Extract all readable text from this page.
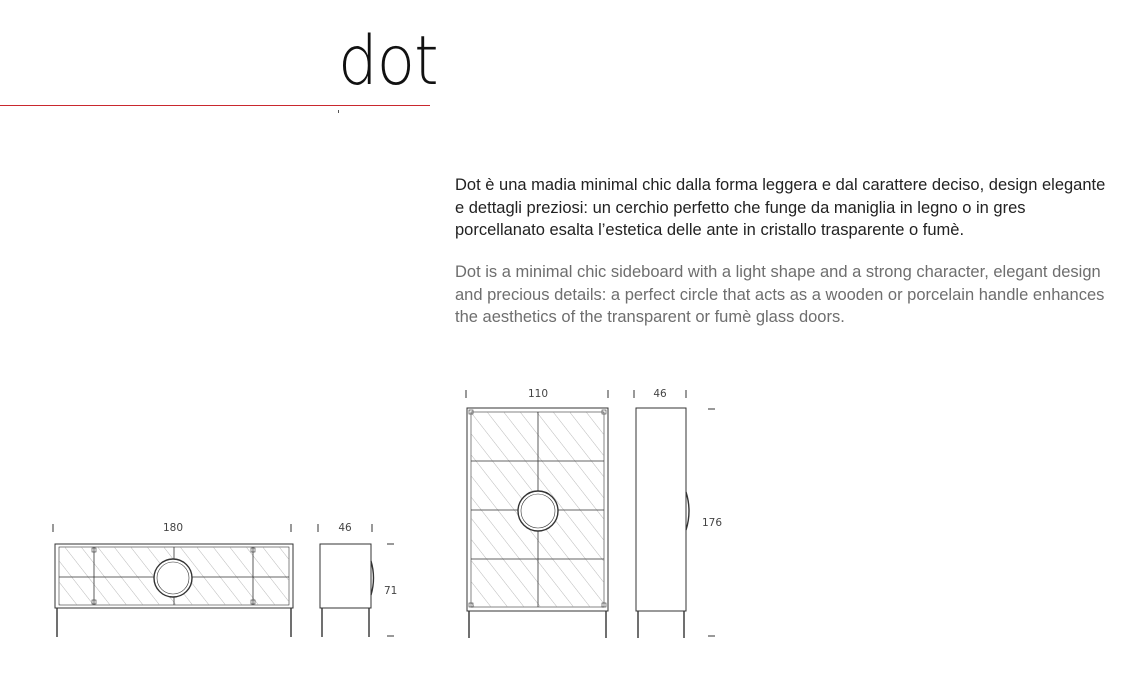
dot
Dot è una madia minimal chic dalla forma leggera e dal carattere deciso, design elegante e dettagli preziosi: un cerchio perfetto che funge da maniglia in legno o in gres porcellanato esalta l’estetica delle ante in cristallo trasparente o fumè.
Dot is a minimal chic sideboard with a light shape and a strong character, elegant design and precious details: a perfect circle that acts as a wooden or porcelain handle enhances the aesthetics of the transparent or fumè glass doors.
180	46
71
110	46
176
